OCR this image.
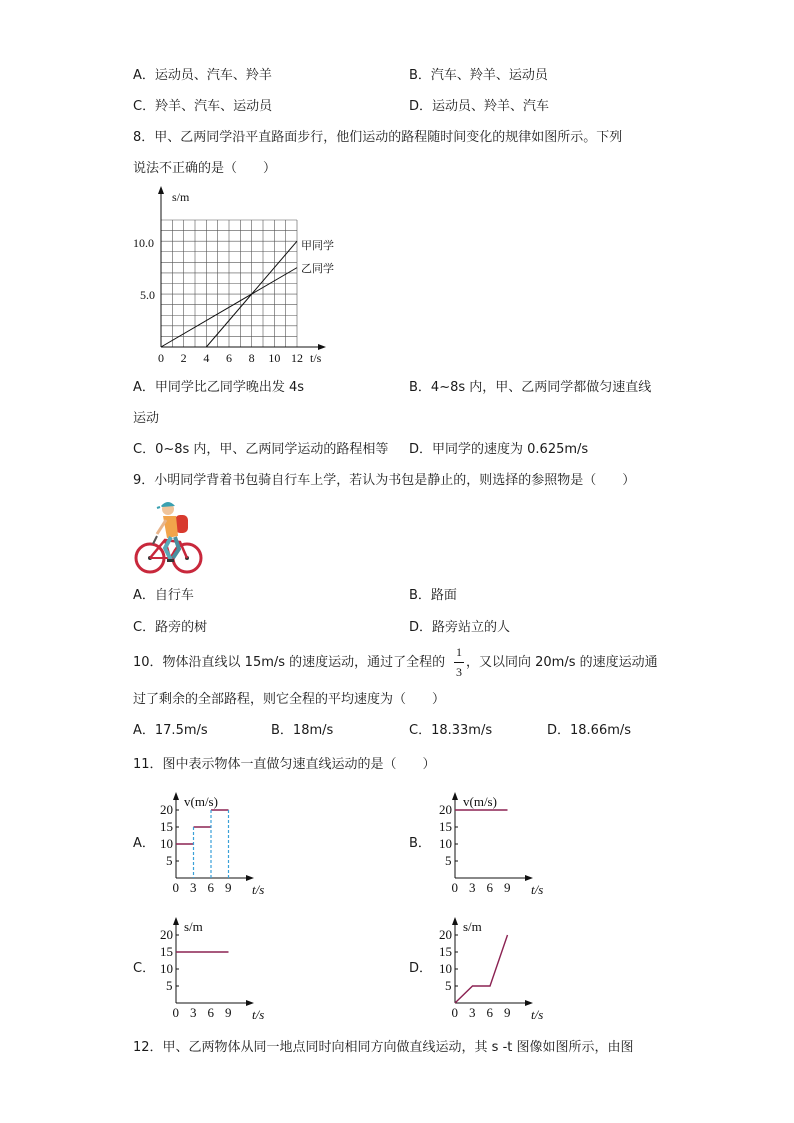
A．运动员、汽车、羚羊	B．汽车、羚羊、运动员
C．羚羊、汽车、运动员	D．运动员、羚羊、汽车
8．甲、乙两同学沿平直路面步行，他们运动的路程随时间变化的规律如图所示。下列
说法不正确的是（　　）
s/m
10.0
5.0
0 2 4 6 8 10 12 t/s
甲同学
乙同学
A．甲同学比乙同学晚出发 4s	B．4~8s 内，甲、乙两同学都做匀速直线
运动
C．0~8s 内，甲、乙两同学运动的路程相等 D．甲同学的速度为 0.625m/s
9．小明同学背着书包骑自行车上学，若认为书包是静止的，则选择的参照物是（　　）
A．自行车	B．路面
C．路旁的树	D．路旁站立的人
10．物体沿直线以 15m/s 的速度运动，通过了全程的
1
3
，又以同向 20m/s 的速度运动通
过了剩余的全部路程，则它全程的平均速度为（　　）
A．17.5m/s	B．18m/s	C．18.33m/s	D．18.66m/s
11．图中表示物体一直做匀速直线运动的是（　　）
A．	B．
C．	D．
v(m/s)
20
15
10
5
0 3 6 9 t/s
v(m/s)
20
15
10
5
0 3 6 9 t/s
s/m
20
15
10
5
0 3 6 9 t/s
s/m
20
15
10
5
0 3 6 9 t/s
12．甲、乙两物体从同一地点同时向相同方向做直线运动，其 s -t 图像如图所示，由图
